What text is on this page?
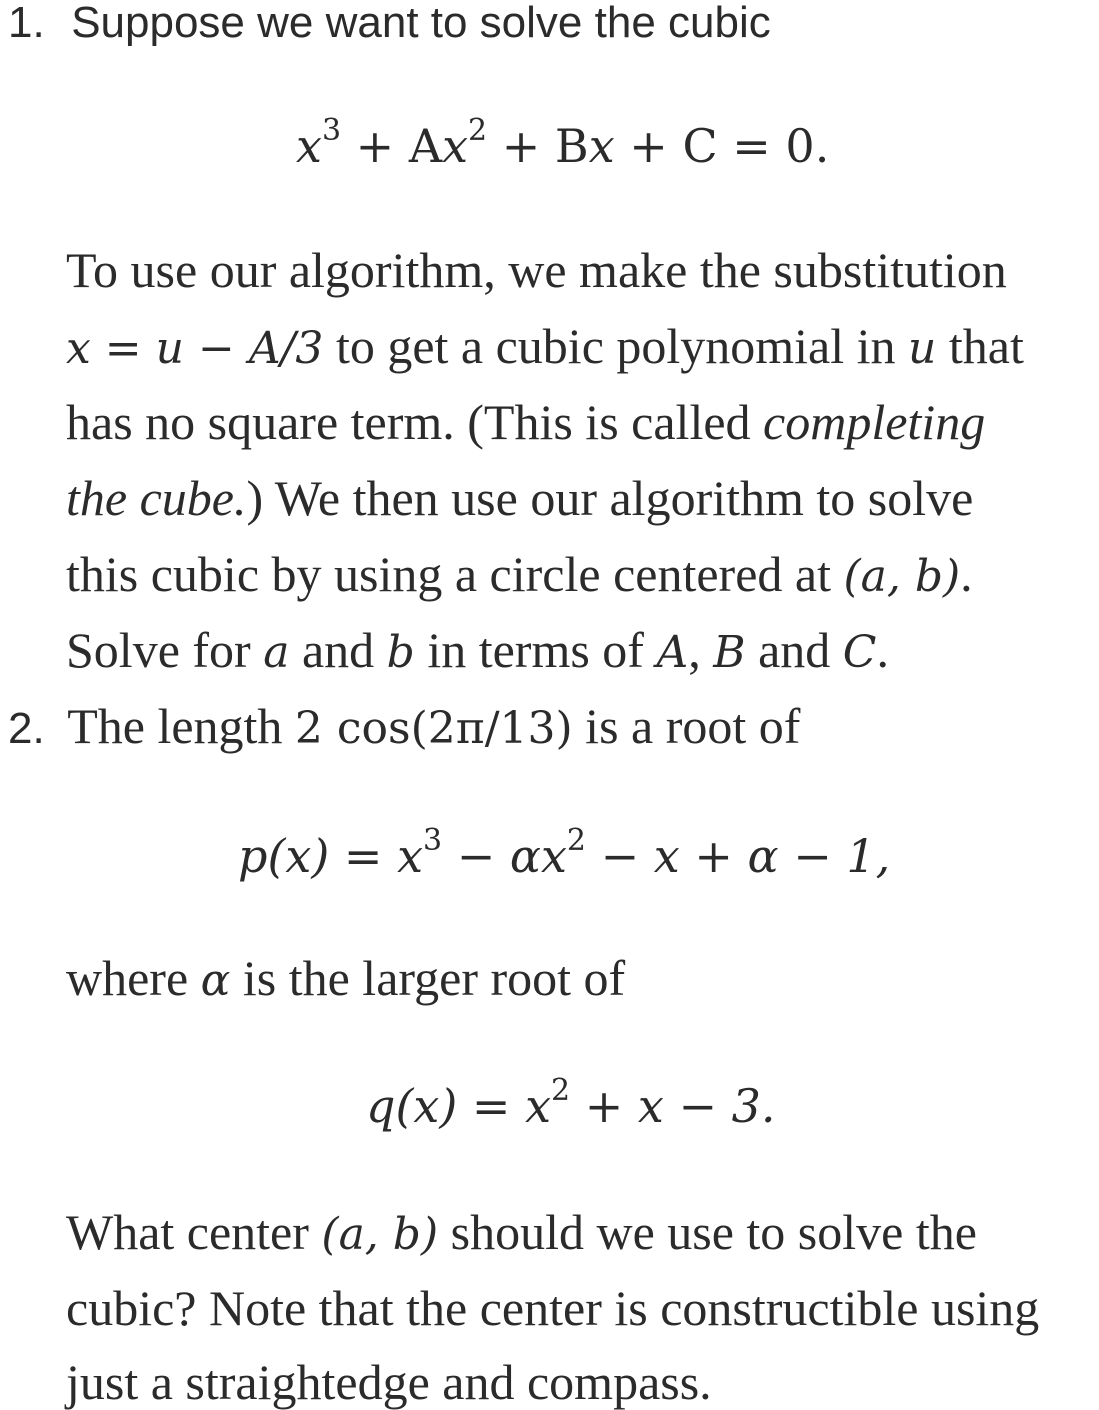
1. Suppose we want to solve the cubic
$x^3 + Ax^2 + Bx + C = 0$.
To use our algorithm, we make the substitution
x = u − A/3 to get a cubic polynomial in u that
has no square term. (This is called completing
the cube.) We then use our algorithm to solve
this cubic by using a circle centered at (a, b).
Solve for a and b in terms of A, B and C.
2. The length 2 cos(2π/13) is a root of
$p(x) = x^3 - \alpha x^2 - x + \alpha - 1$,
where α is the larger root of
$q(x) = x^2 + x - 3$.
What center (a, b) should we use to solve the
cubic? Note that the center is constructible using
just a straightedge and compass.
